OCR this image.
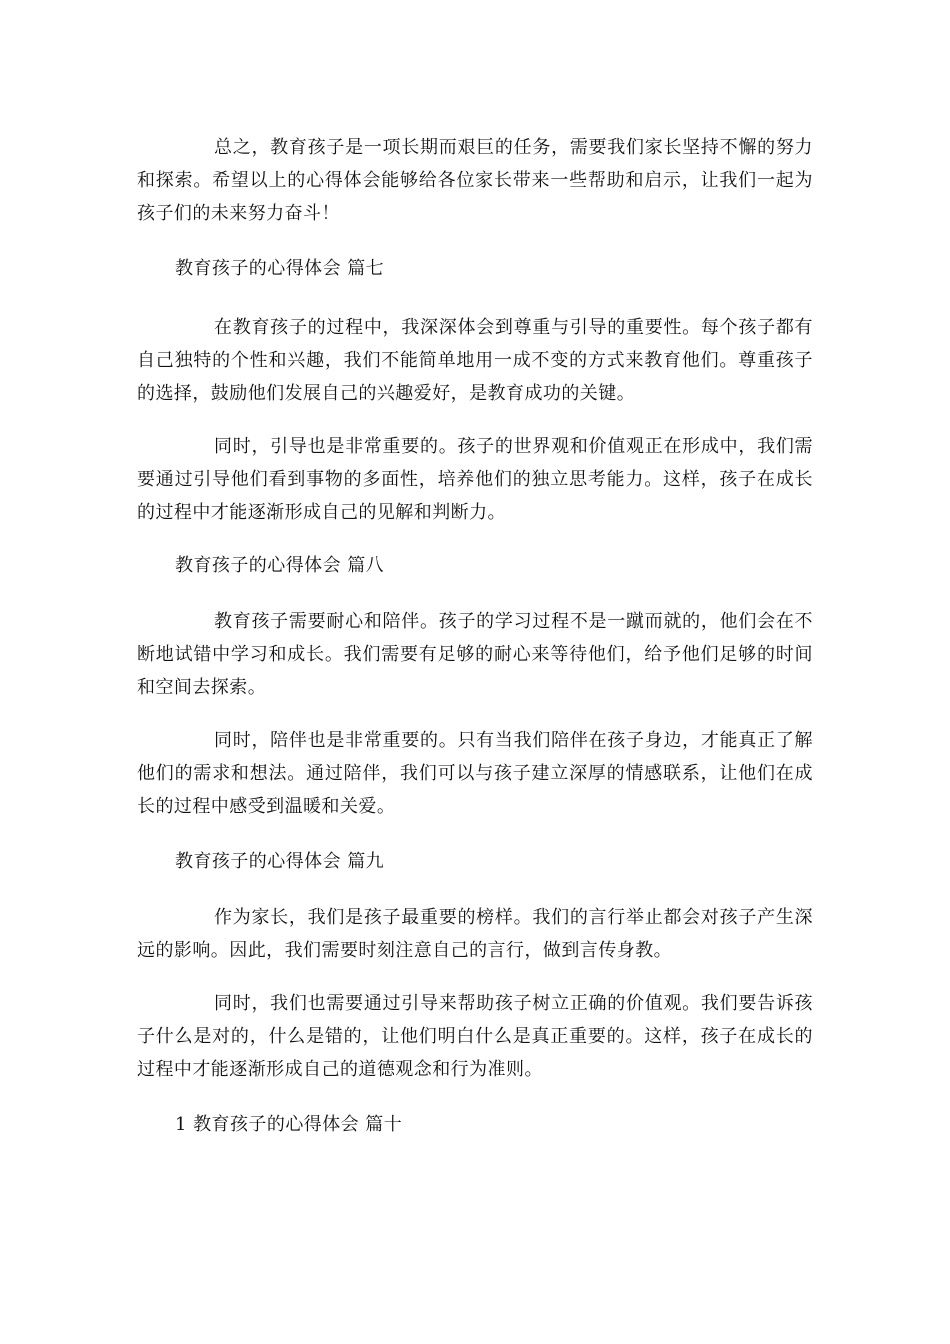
总之，教育孩子是一项长期而艰巨的任务，需要我们家长坚持不懈的努力和探索。希望以上的心得体会能够给各位家长带来一些帮助和启示，让我们一起为孩子们的未来努力奋斗！

教育孩子的心得体会 篇七

在教育孩子的过程中，我深深体会到尊重与引导的重要性。每个孩子都有自己独特的个性和兴趣，我们不能简单地用一成不变的方式来教育他们。尊重孩子的选择，鼓励他们发展自己的兴趣爱好，是教育成功的关键。

同时，引导也是非常重要的。孩子的世界观和价值观正在形成中，我们需要通过引导他们看到事物的多面性，培养他们的独立思考能力。这样，孩子在成长的过程中才能逐渐形成自己的见解和判断力。

教育孩子的心得体会 篇八

教育孩子需要耐心和陪伴。孩子的学习过程不是一蹴而就的，他们会在不断地试错中学习和成长。我们需要有足够的耐心来等待他们，给予他们足够的时间和空间去探索。

同时，陪伴也是非常重要的。只有当我们陪伴在孩子身边，才能真正了解他们的需求和想法。通过陪伴，我们可以与孩子建立深厚的情感联系，让他们在成长的过程中感受到温暖和关爱。

教育孩子的心得体会 篇九

作为家长，我们是孩子最重要的榜样。我们的言行举止都会对孩子产生深远的影响。因此，我们需要时刻注意自己的言行，做到言传身教。

同时，我们也需要通过引导来帮助孩子树立正确的价值观。我们要告诉孩子什么是对的，什么是错的，让他们明白什么是真正重要的。这样，孩子在成长的过程中才能逐渐形成自己的道德观念和行为准则。

1 教育孩子的心得体会 篇十
